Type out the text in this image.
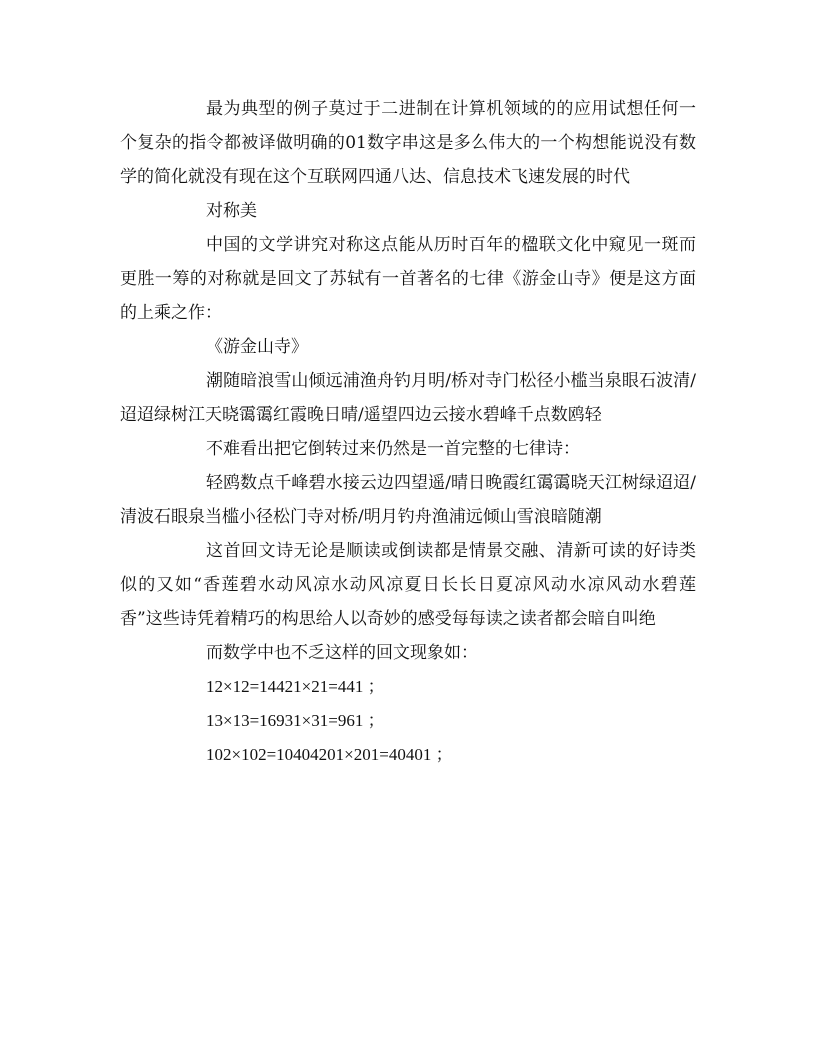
最为典型的例子莫过于二进制在计算机领域的的应用试想任何一个复杂的指令都被译做明确的01数字串这是多么伟大的一个构想能说没有数学的简化就没有现在这个互联网四通八达、信息技术飞速发展的时代

对称美

中国的文学讲究对称这点能从历时百年的楹联文化中窥见一斑而更胜一筹的对称就是回文了苏轼有一首著名的七律《游金山寺》便是这方面的上乘之作：

《游金山寺》

潮随暗浪雪山倾远浦渔舟钓月明/桥对寺门松径小槛当泉眼石波清/迢迢绿树江天晓霭霭红霞晚日晴/遥望四边云接水碧峰千点数鸥轻

不难看出把它倒转过来仍然是一首完整的七律诗：

轻鸥数点千峰碧水接云边四望遥/晴日晚霞红霭霭晓天江树绿迢迢/清波石眼泉当槛小径松门寺对桥/明月钓舟渔浦远倾山雪浪暗随潮

这首回文诗无论是顺读或倒读都是情景交融、清新可读的好诗类似的又如“香莲碧水动风凉水动风凉夏日长长日夏凉风动水凉风动水碧莲香”这些诗凭着精巧的构思给人以奇妙的感受每每读之读者都会暗自叫绝

而数学中也不乏这样的回文现象如：

12×12=14421×21=441 ；

13×13=16931×31=961 ；

102×102=10404201×201=40401 ；
